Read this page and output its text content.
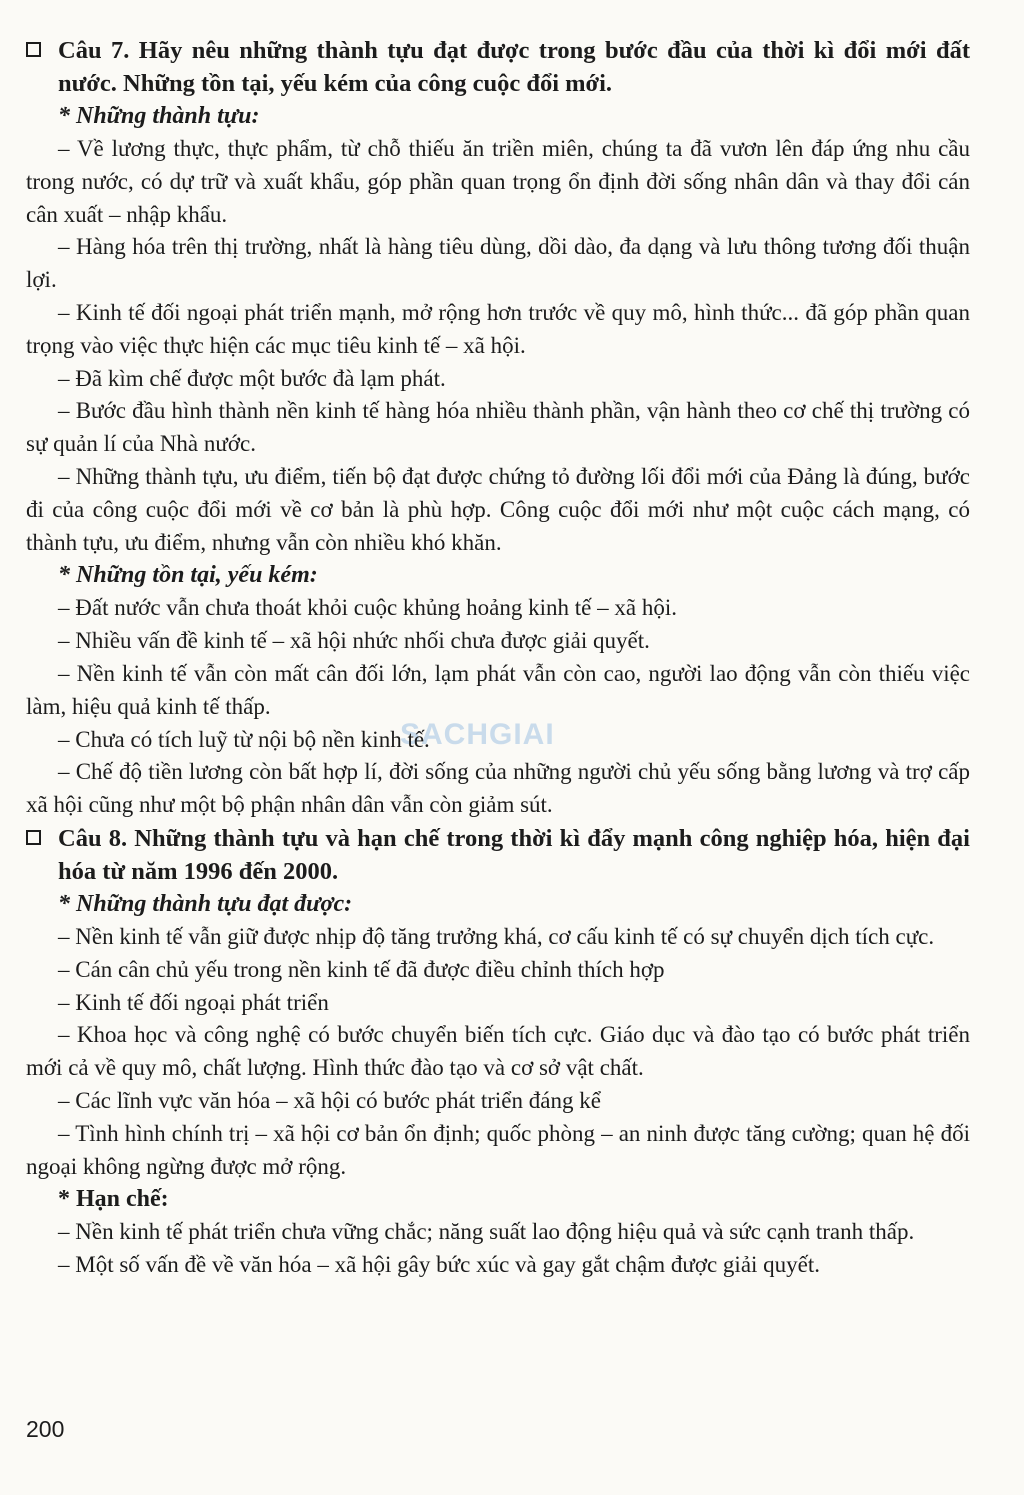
SACHGIAI
Câu 7. Hãy nêu những thành tựu đạt được trong bước đầu của thời kì đổi mới đất nước. Những tồn tại, yếu kém của công cuộc đổi mới.
* Những thành tựu:

– Về lương thực, thực phẩm, từ chỗ thiếu ăn triền miên, chúng ta đã vươn lên đáp ứng nhu cầu trong nước, có dự trữ và xuất khẩu, góp phần quan trọng ổn định đời sống nhân dân và thay đổi cán cân xuất – nhập khẩu.

– Hàng hóa trên thị trường, nhất là hàng tiêu dùng, dồi dào, đa dạng và lưu thông tương đối thuận lợi.

– Kinh tế đối ngoại phát triển mạnh, mở rộng hơn trước về quy mô, hình thức... đã góp phần quan trọng vào việc thực hiện các mục tiêu kinh tế – xã hội.

– Đã kìm chế được một bước đà lạm phát.

– Bước đầu hình thành nền kinh tế hàng hóa nhiều thành phần, vận hành theo cơ chế thị trường có sự quản lí của Nhà nước.

– Những thành tựu, ưu điểm, tiến bộ đạt được chứng tỏ đường lối đổi mới của Đảng là đúng, bước đi của công cuộc đổi mới về cơ bản là phù hợp. Công cuộc đổi mới như một cuộc cách mạng, có thành tựu, ưu điểm, nhưng vẫn còn nhiều khó khăn.

* Những tồn tại, yếu kém:

– Đất nước vẫn chưa thoát khỏi cuộc khủng hoảng kinh tế – xã hội.

– Nhiều vấn đề kinh tế – xã hội nhức nhối chưa được giải quyết.

– Nền kinh tế vẫn còn mất cân đối lớn, lạm phát vẫn còn cao, người lao động vẫn còn thiếu việc làm, hiệu quả kinh tế thấp.

– Chưa có tích luỹ từ nội bộ nền kinh tế.

– Chế độ tiền lương còn bất hợp lí, đời sống của những người chủ yếu sống bằng lương và trợ cấp xã hội cũng như một bộ phận nhân dân vẫn còn giảm sút.

Câu 8. Những thành tựu và hạn chế trong thời kì đẩy mạnh công nghiệp hóa, hiện đại hóa từ năm 1996 đến 2000.
* Những thành tựu đạt được:

– Nền kinh tế vẫn giữ được nhịp độ tăng trưởng khá, cơ cấu kinh tế có sự chuyển dịch tích cực.

– Cán cân chủ yếu trong nền kinh tế đã được điều chỉnh thích hợp

– Kinh tế đối ngoại phát triển

– Khoa học và công nghệ có bước chuyển biến tích cực. Giáo dục và đào tạo có bước phát triển mới cả về quy mô, chất lượng. Hình thức đào tạo và cơ sở vật chất.

– Các lĩnh vực văn hóa – xã hội có bước phát triển đáng kể

– Tình hình chính trị – xã hội cơ bản ổn định; quốc phòng – an ninh được tăng cường; quan hệ đối ngoại không ngừng được mở rộng.

* Hạn chế:

– Nền kinh tế phát triển chưa vững chắc; năng suất lao động hiệu quả và sức cạnh tranh thấp.

– Một số vấn đề về văn hóa – xã hội gây bức xúc và gay gắt chậm được giải quyết.

200
